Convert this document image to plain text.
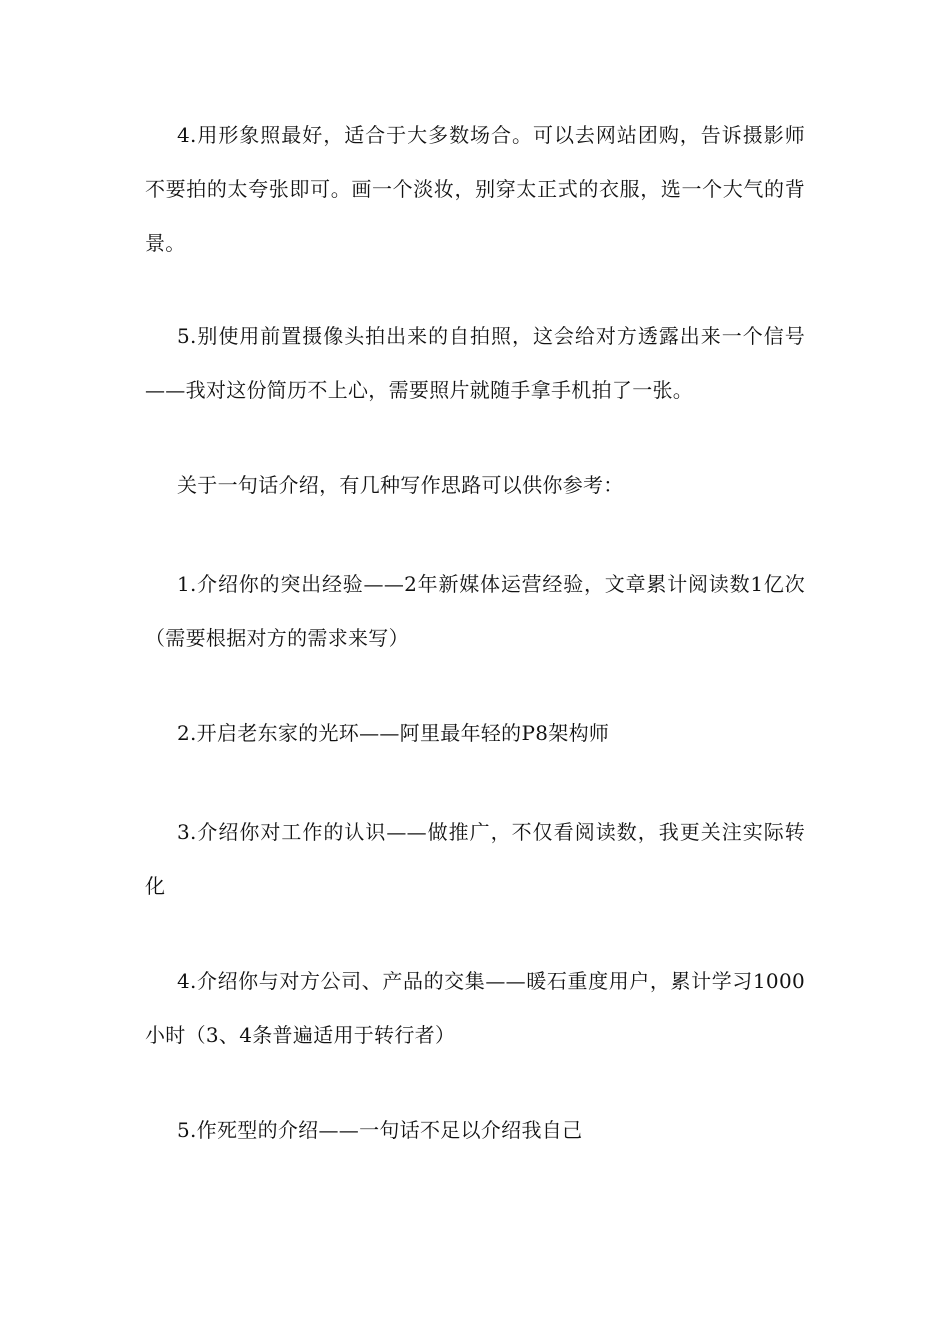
4.用形象照最好，适合于大多数场合。可以去网站团购，告诉摄影师不要拍的太夸张即可。画一个淡妆，别穿太正式的衣服，选一个大气的背景。

5.别使用前置摄像头拍出来的自拍照，这会给对方透露出来一个信号——我对这份简历不上心，需要照片就随手拿手机拍了一张。

关于一句话介绍，有几种写作思路可以供你参考：

1.介绍你的突出经验——2年新媒体运营经验，文章累计阅读数1亿次（需要根据对方的需求来写）

2.开启老东家的光环——阿里最年轻的P8架构师

3.介绍你对工作的认识——做推广，不仅看阅读数，我更关注实际转化

4.介绍你与对方公司、产品的交集——暖石重度用户，累计学习1000小时（3、4条普遍适用于转行者）

5.作死型的介绍——一句话不足以介绍我自己
